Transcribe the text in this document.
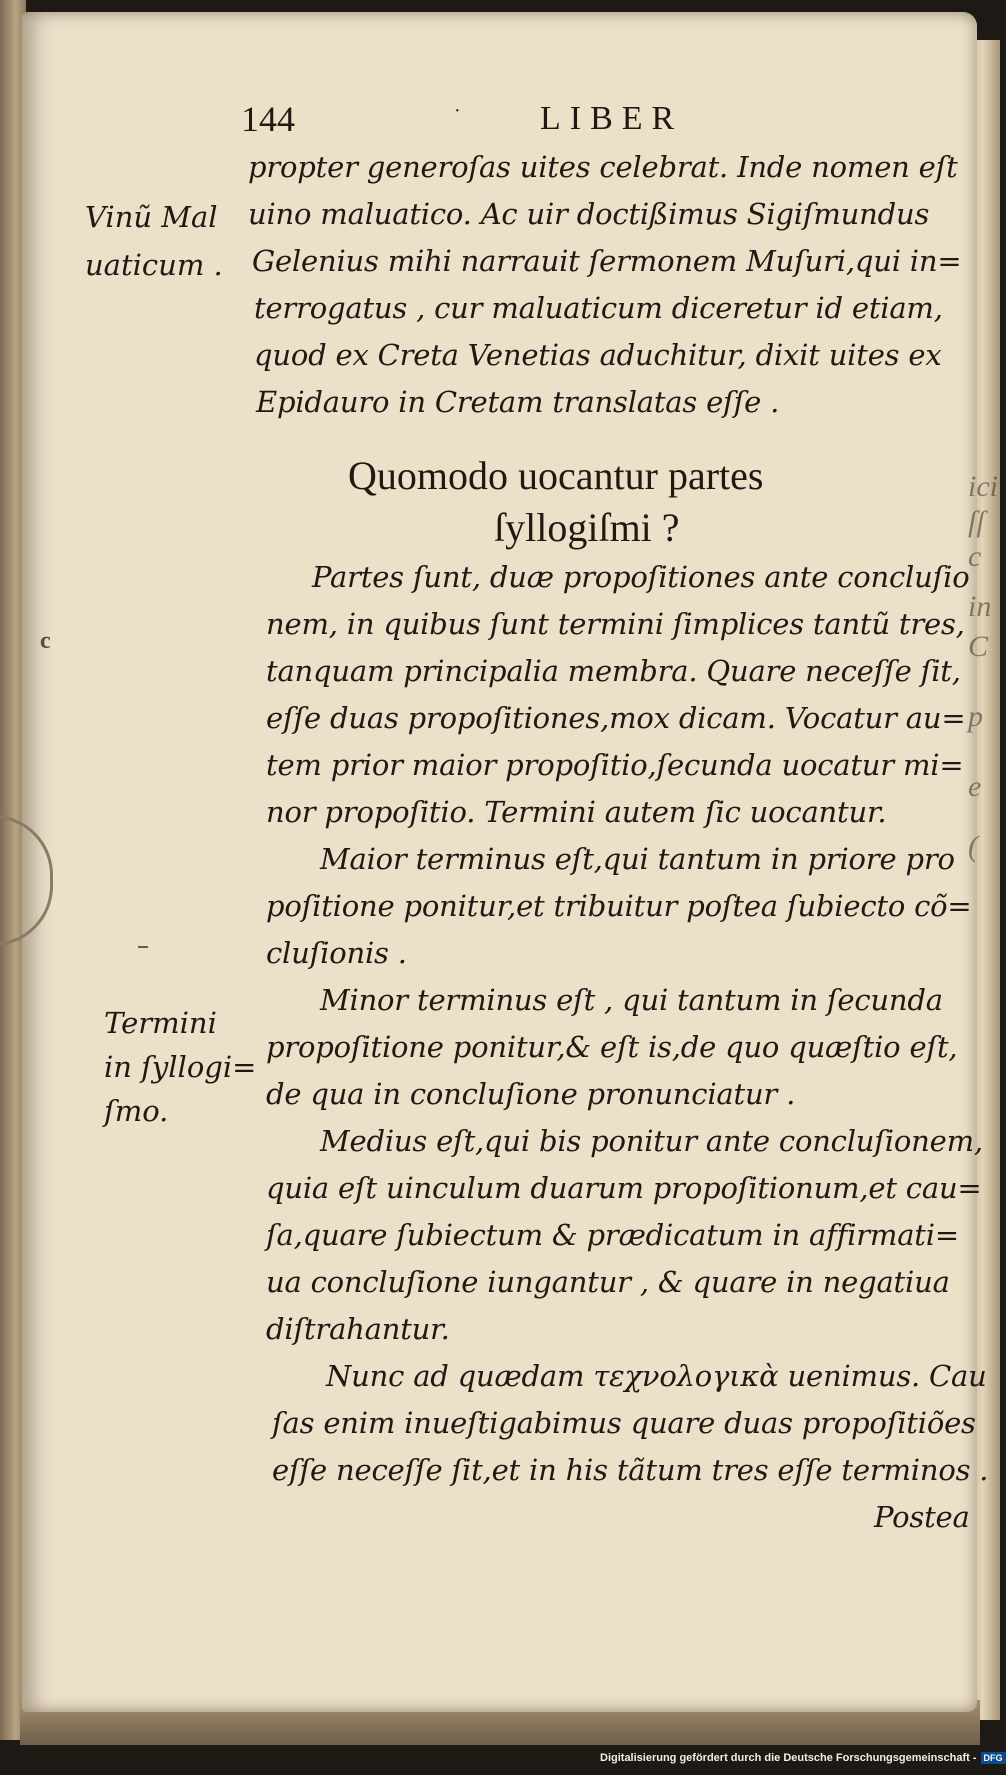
c
144	· LIBER
propter generoſas uites celebrat. Inde nomen eſt
uino maluatico. Ac uir doctißimus Sigiſmundus
Gelenius mihi narrauit ſermonem Muſuri,qui in=
terrogatus , cur maluaticum diceretur id etiam,
quod ex Creta Venetias aduchitur, dixit uites ex
Epidauro in Cretam translatas eſſe .
Vinũ Mal
uaticum .
Termini
in ſyllogi=
ſmo.
Quomodo uocantur partes
ſyllogiſmi ?
Partes ſunt, duæ propoſitiones ante concluſio
nem, in quibus ſunt termini ſimplices tantũ tres,
tanquam principalia membra. Quare neceſſe ſit,
eſſe duas propoſitiones,mox dicam. Vocatur au=
tem prior maior propoſitio,ſecunda uocatur mi=
nor propoſitio. Termini autem ſic uocantur.
Maior terminus eſt,qui tantum in priore pro
poſitione ponitur,et tribuitur poſtea ſubiecto cõ=
cluſionis .
Minor terminus eſt , qui tantum in ſecunda
propoſitione ponitur,& eſt is,de quo quæſtio eſt,
de qua in concluſione pronunciatur .
Medius eſt,qui bis ponitur ante concluſionem,
quia eſt uinculum duarum propoſitionum,et cau=
ſa,quare ſubiectum & prædicatum in affirmati=
ua concluſione iungantur , & quare in negatiua
diſtrahantur.
Nunc ad quædam τεχνολογικὰ uenimus. Cau
ſas enim inueſtigabimus quare duas propoſitiões
eſſe neceſſe ſit,et in his tãtum tres eſſe terminos .
Postea
ici
ſſ
c
in
C
p
(
e
Digitalisierung gefördert durch die Deutsche Forschungsgemeinschaft - DFG
